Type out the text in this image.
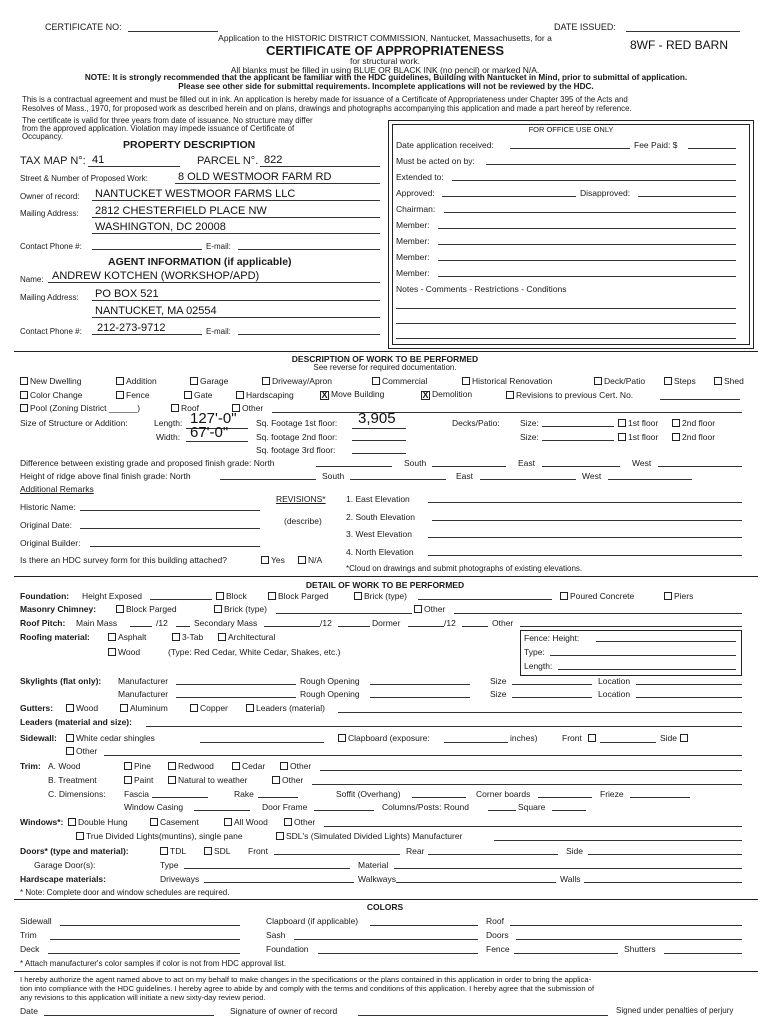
CERTIFICATE NO:	DATE ISSUED:
Application to the HISTORIC DISTRICT COMMISSION, Nantucket, Massachusetts, for a
CERTIFICATE OF APPROPRIATENESS	8WF - RED BARN
for structural work.
All blanks must be filled in using BLUE OR BLACK INK (no pencil) or marked N/A.
NOTE: It is strongly recommended that the applicant be familiar with the HDC guidelines, Building with Nantucket in Mind, prior to submittal of application.
Please see other side for submittal requirements. Incomplete applications will not be reviewed by the HDC.
This is a contractual agreement and must be filled out in ink. An application is hereby made for issuance of a Certificate of Appropriateness under Chapter 395 of the Acts and
Resolves of Mass., 1970, for proposed work as described herein and on plans, drawings and photographs accompanying this application and made a part hereof by reference.
The certificate is valid for three years from date of issuance. No structure may differ
from the approved application. Violation may impede issuance of Certificate of
Occupancy.
PROPERTY DESCRIPTION
TAX MAP N°: 41	PARCEL N°. 822
Street & Number of Proposed Work:	8 OLD WESTMOOR FARM RD
Owner of record: NANTUCKET WESTMOOR FARMS LLC
Mailing Address: 2812 CHESTERFIELD PLACE NW
WASHINGTON, DC 20008
Contact Phone #:	E-mail:
AGENT INFORMATION (if applicable)
Name: ANDREW KOTCHEN (WORKSHOP/APD)
Mailing Address: PO BOX 521
NANTUCKET, MA 02554
Contact Phone #: 212-273-9712	E-mail:
FOR OFFICE USE ONLY
Date application received:	Fee Paid: $
Must be acted on by:
Extended to:
Approved:	Disapproved:
Chairman:
Member:
Member:
Member:
Member:
Notes - Comments - Restrictions - Conditions
DESCRIPTION OF WORK TO BE PERFORMED
See reverse for required documentation.
New Dwelling	Addition	Garage	Driveway/Apron	Commercial	Historical Renovation	Deck/Patio	Steps	Shed
Color Change	Fence	Gate	Hardscaping	X Move Building	X Demolition	Revisions to previous Cert. No.
Pool (Zoning District ______)	Roof	Other
Size of Structure or Addition:	Length: 127'-0" Sq. Footage 1st floor: 3,905	Decks/Patio: Size:	1st floor	2nd floor
Width: 67'-0"	Sq. footage 2nd floor:	Size:	1st floor	2nd floor
Sq. footage 3rd floor:
Difference between existing grade and proposed finish grade: North	South	East	West
Height of ridge above final finish grade: North	South	East	West
Additional Remarks
Historic Name:
Original Date:
Original Builder:
Is there an HDC survey form for this building attached?	Yes	N/A
REVISIONS*
(describe)
1. East Elevation
2. South Elevation
3. West Elevation
4. North Elevation
*Cloud on drawings and submit photographs of existing elevations.
DETAIL OF WORK TO BE PERFORMED
Foundation: Height Exposed	Block	Block Parged	Brick (type)	Poured Concrete	Piers
Masonry Chimney:	Block Parged	Brick (type)	Other
Roof Pitch: Main Mass	/12	Secondary Mass	/12	Dormer	/12	Other
Roofing material:	Asphalt	3-Tab	Architectural
Wood	(Type: Red Cedar, White Cedar, Shakes, etc.)
Fence: Height:
Type:
Length:
Skylights (flat only): Manufacturer	Rough Opening	Size	Location
Manufacturer	Rough Opening	Size	Location
Gutters:	Wood	Aluminum	Copper	Leaders (material)
Leaders (material and size):
Sidewall:	White cedar shingles	Clapboard (exposure:	inches)	Front	Side
Other
Trim: A. Wood	Pine	Redwood	Cedar	Other
B. Treatment	Paint	Natural to weather	Other
C. Dimensions: Fascia	Rake	Soffit (Overhang)	Corner boards	Frieze
Window Casing	Door Frame	Columns/Posts: Round	Square
Windows*:	Double Hung	Casement	All Wood	Other
True Divided Lights(muntins), single pane	SDL's (Simulated Divided Lights) Manufacturer
Doors* (type and material):	TDL	SDL Front	Rear	Side
Garage Door(s):	Type	Material
Hardscape materials:	Driveways	Walkways	Walls
* Note: Complete door and window schedules are required.
COLORS
Sidewall	Clapboard (if applicable)	Roof
Trim	Sash	Doors
Deck	Foundation	Fence	Shutters
* Attach manufacturer's color samples if color is not from HDC approval list.
I hereby authorize the agent named above to act on my behalf to make changes in the specifications or the plans contained in this application in order to bring the applica-
tion into compliance with the HDC guidelines. I hereby agree to abide by and comply with the terms and conditions of this application. I hereby agree that the submission of
any revisions to this application will initiate a new sixty-day review period.
Date	Signature of owner of record	Signed under penalties of perjury
